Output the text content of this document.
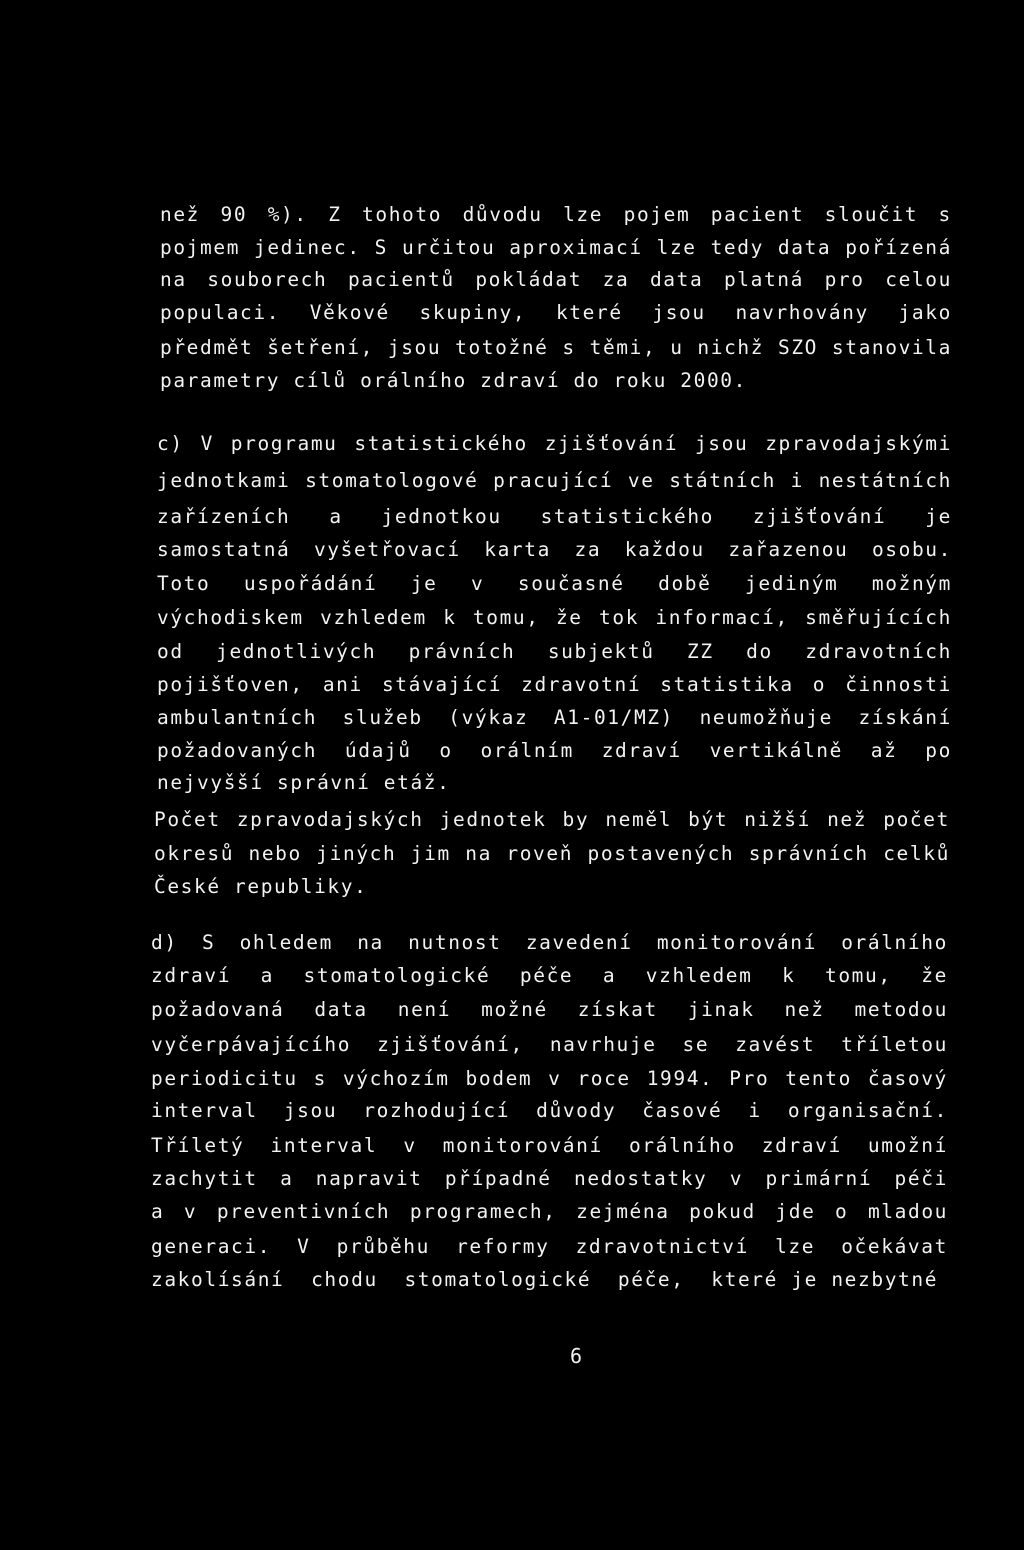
než 90 %). Z tohoto důvodu lze pojem pacient sloučit s
pojmem jedinec. S určitou aproximací lze tedy data pořízená
na souborech pacientů pokládat za data platná pro celou
populaci. Věkové skupiny, které jsou navrhovány jako
předmět šetření, jsou totožné s těmi, u nichž SZO stanovila
parametry cílů orálního zdraví do roku 2000.
c) V programu statistického zjišťování jsou zpravodajskými
jednotkami stomatologové pracující ve státních i nestátních
zařízeních a jednotkou statistického zjišťování je
samostatná vyšetřovací karta za každou zařazenou osobu.
Toto uspořádání je v současné době jediným možným
východiskem vzhledem k tomu, že tok informací, směřujících
od jednotlivých právních subjektů ZZ do zdravotních
pojišťoven, ani stávající zdravotní statistika o činnosti
ambulantních služeb (výkaz A1-01/MZ) neumožňuje získání
požadovaných údajů o orálním zdraví vertikálně až po
nejvyšší správní etáž.
Počet zpravodajských jednotek by neměl být nižší než počet
okresů nebo jiných jim na roveň postavených správních celků
České republiky.
d) S ohledem na nutnost zavedení monitorování orálního
zdraví a stomatologické péče a vzhledem k tomu, že
požadovaná data není možné získat jinak než metodou
vyčerpávajícího zjišťování, navrhuje se zavést tříletou
periodicitu s výchozím bodem v roce 1994. Pro tento časový
interval jsou rozhodující důvody časové i organisační.
Tříletý interval v monitorování orálního zdraví umožní
zachytit a napravit případné nedostatky v primární péči
a v preventivních programech, zejména pokud jde o mladou
generaci. V průběhu reformy zdravotnictví lze očekávat
zakolísání  chodu  stomatologické  péče,  které je nezbytné
6
